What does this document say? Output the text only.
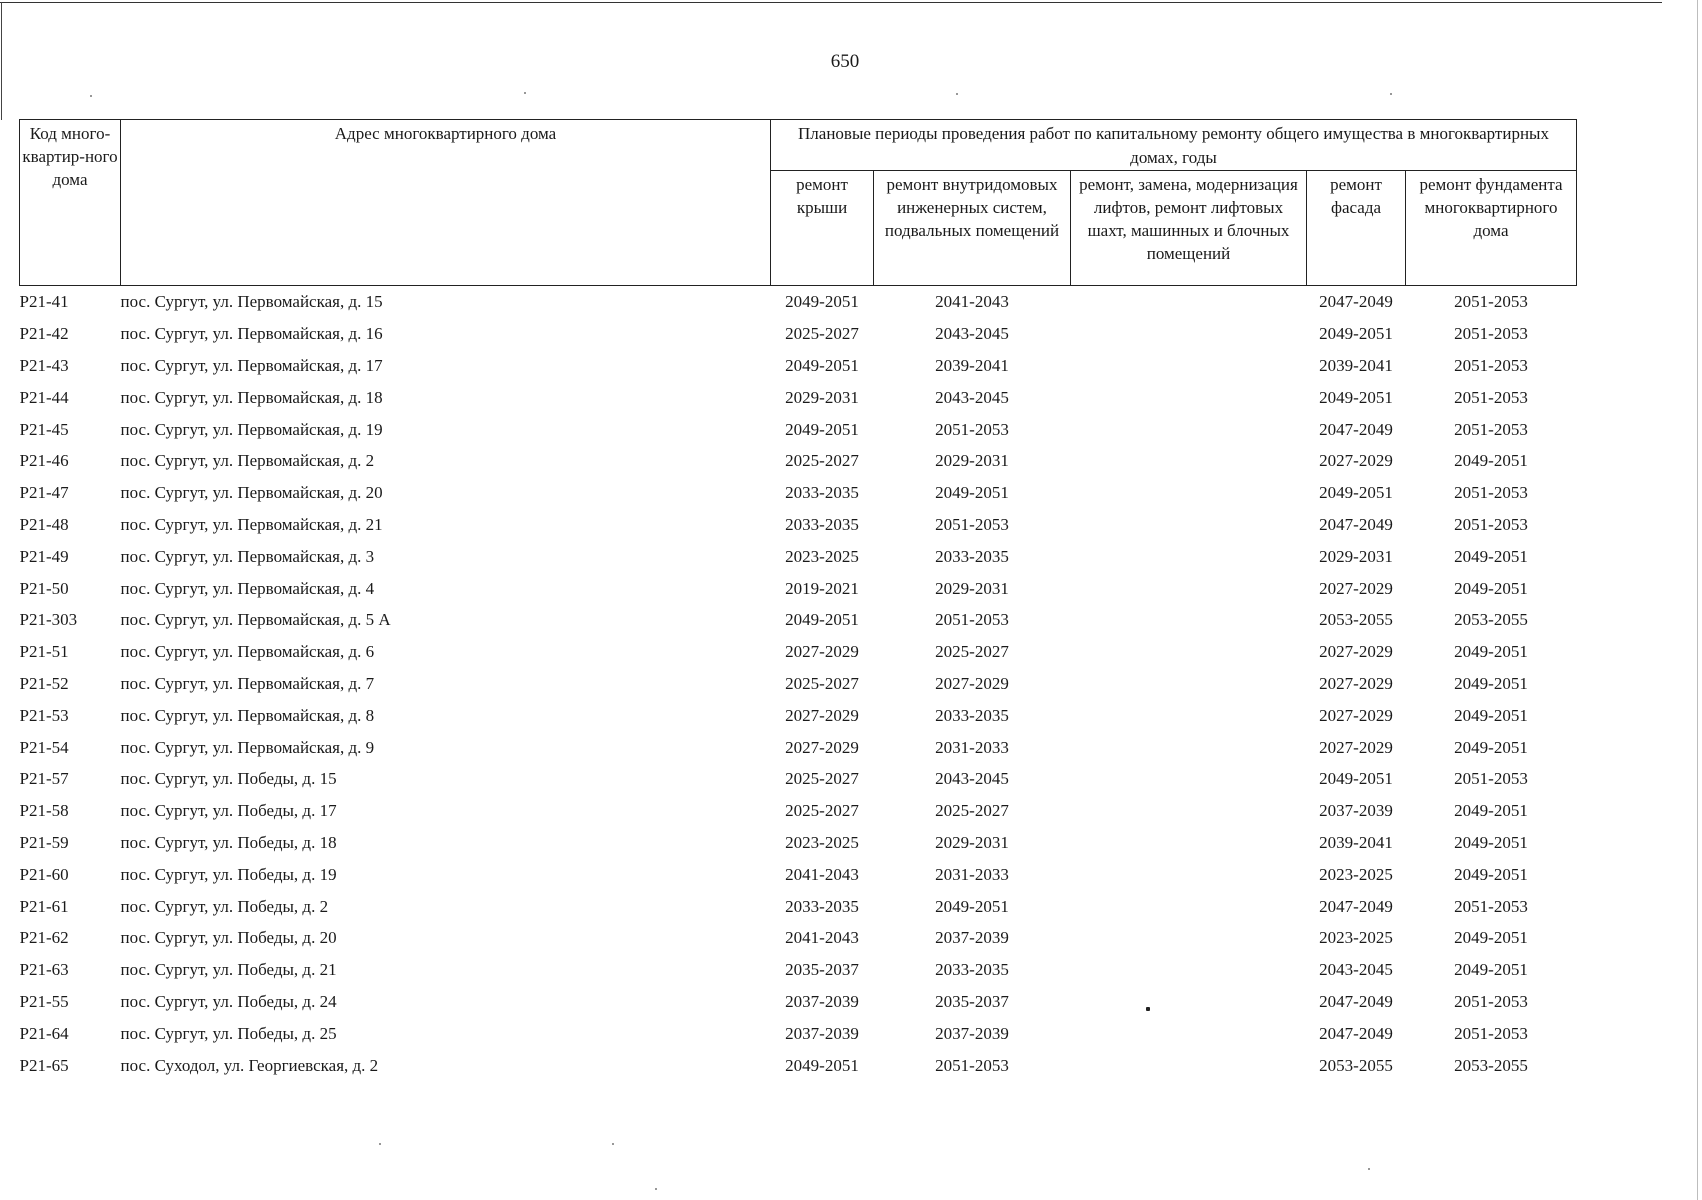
650
Код много-квартир-ного дома	Адрес многоквартирного дома	Плановые периоды проведения работ по капитальному ремонту общего имущества в многоквартирных домах, годы				
		ремонт крыши	ремонт внутридомовых инженерных систем, подвальных помещений	ремонт, замена, модернизация лифтов, ремонт лифтовых шахт, машинных и блочных помещений	ремонт фасада	ремонт фундамента многоквартирного дома
Р21-41	пос. Сургут, ул. Первомайская, д. 15	2049-2051	2041-2043		2047-2049	2051-2053
Р21-42	пос. Сургут, ул. Первомайская, д. 16	2025-2027	2043-2045		2049-2051	2051-2053
Р21-43	пос. Сургут, ул. Первомайская, д. 17	2049-2051	2039-2041		2039-2041	2051-2053
Р21-44	пос. Сургут, ул. Первомайская, д. 18	2029-2031	2043-2045		2049-2051	2051-2053
Р21-45	пос. Сургут, ул. Первомайская, д. 19	2049-2051	2051-2053		2047-2049	2051-2053
Р21-46	пос. Сургут, ул. Первомайская, д. 2	2025-2027	2029-2031		2027-2029	2049-2051
Р21-47	пос. Сургут, ул. Первомайская, д. 20	2033-2035	2049-2051		2049-2051	2051-2053
Р21-48	пос. Сургут, ул. Первомайская, д. 21	2033-2035	2051-2053		2047-2049	2051-2053
Р21-49	пос. Сургут, ул. Первомайская, д. 3	2023-2025	2033-2035		2029-2031	2049-2051
Р21-50	пос. Сургут, ул. Первомайская, д. 4	2019-2021	2029-2031		2027-2029	2049-2051
Р21-303	пос. Сургут, ул. Первомайская, д. 5 А	2049-2051	2051-2053		2053-2055	2053-2055
Р21-51	пос. Сургут, ул. Первомайская, д. 6	2027-2029	2025-2027		2027-2029	2049-2051
Р21-52	пос. Сургут, ул. Первомайская, д. 7	2025-2027	2027-2029		2027-2029	2049-2051
Р21-53	пос. Сургут, ул. Первомайская, д. 8	2027-2029	2033-2035		2027-2029	2049-2051
Р21-54	пос. Сургут, ул. Первомайская, д. 9	2027-2029	2031-2033		2027-2029	2049-2051
Р21-57	пос. Сургут, ул. Победы, д. 15	2025-2027	2043-2045		2049-2051	2051-2053
Р21-58	пос. Сургут, ул. Победы, д. 17	2025-2027	2025-2027		2037-2039	2049-2051
Р21-59	пос. Сургут, ул. Победы, д. 18	2023-2025	2029-2031		2039-2041	2049-2051
Р21-60	пос. Сургут, ул. Победы, д. 19	2041-2043	2031-2033		2023-2025	2049-2051
Р21-61	пос. Сургут, ул. Победы, д. 2	2033-2035	2049-2051		2047-2049	2051-2053
Р21-62	пос. Сургут, ул. Победы, д. 20	2041-2043	2037-2039		2023-2025	2049-2051
Р21-63	пос. Сургут, ул. Победы, д. 21	2035-2037	2033-2035		2043-2045	2049-2051
Р21-55	пос. Сургут, ул. Победы, д. 24	2037-2039	2035-2037		2047-2049	2051-2053
Р21-64	пос. Сургут, ул. Победы, д. 25	2037-2039	2037-2039		2047-2049	2051-2053
Р21-65	пос. Суходол, ул. Георгиевская, д. 2	2049-2051	2051-2053		2053-2055	2053-2055
